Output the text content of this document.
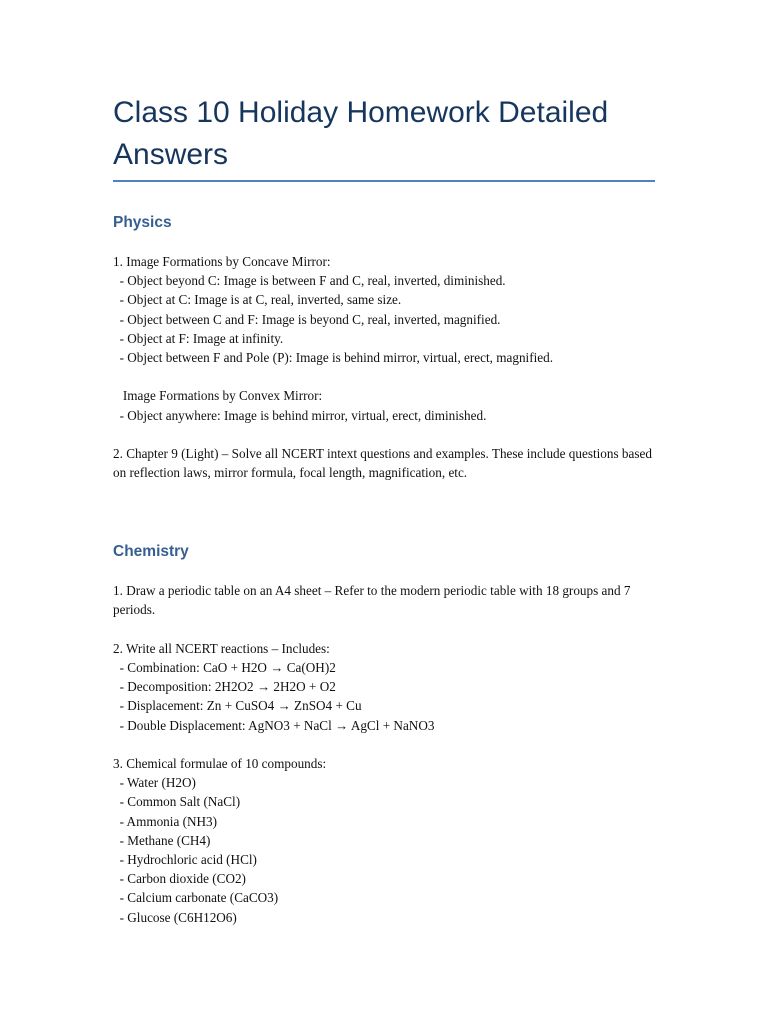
Class 10 Holiday Homework Detailed Answers
Physics
1. Image Formations by Concave Mirror:
- Object beyond C: Image is between F and C, real, inverted, diminished.
- Object at C: Image is at C, real, inverted, same size.
- Object between C and F: Image is beyond C, real, inverted, magnified.
- Object at F: Image at infinity.
- Object between F and Pole (P): Image is behind mirror, virtual, erect, magnified.
Image Formations by Convex Mirror:
- Object anywhere: Image is behind mirror, virtual, erect, diminished.
2. Chapter 9 (Light) – Solve all NCERT intext questions and examples. These include questions based on reflection laws, mirror formula, focal length, magnification, etc.
Chemistry
1. Draw a periodic table on an A4 sheet – Refer to the modern periodic table with 18 groups and 7 periods.
2. Write all NCERT reactions – Includes:
- Combination: CaO + H2O → Ca(OH)2
- Decomposition: 2H2O2 → 2H2O + O2
- Displacement: Zn + CuSO4 → ZnSO4 + Cu
- Double Displacement: AgNO3 + NaCl → AgCl + NaNO3
3. Chemical formulae of 10 compounds:
- Water (H2O)
- Common Salt (NaCl)
- Ammonia (NH3)
- Methane (CH4)
- Hydrochloric acid (HCl)
- Carbon dioxide (CO2)
- Calcium carbonate (CaCO3)
- Glucose (C6H12O6)
